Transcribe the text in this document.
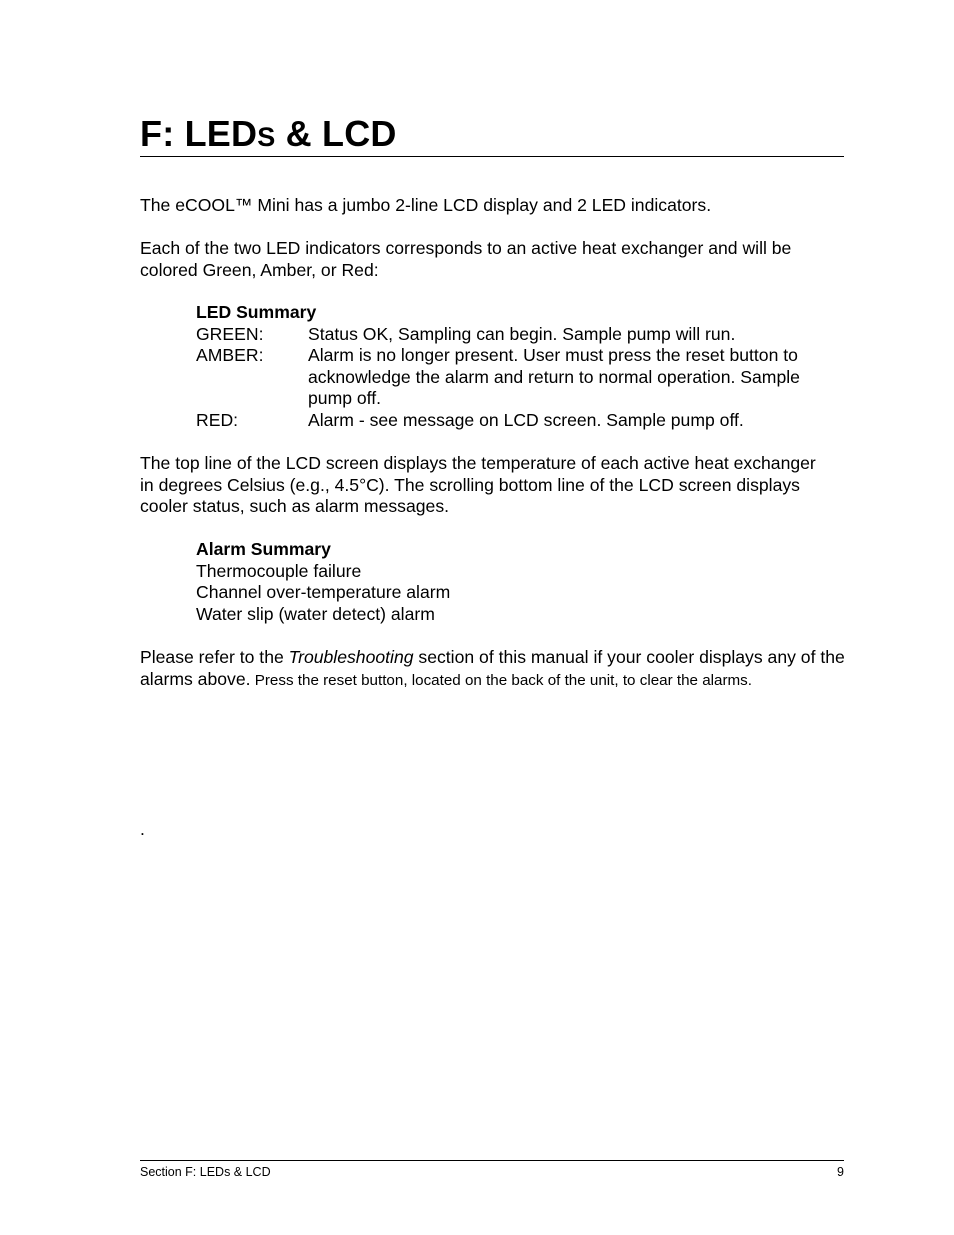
F: LEDS & LCD
The eCOOL™ Mini has a jumbo 2-line LCD display and 2 LED indicators.
Each of the two LED indicators corresponds to an active heat exchanger and will be colored Green, Amber, or Red:
LED Summary
GREEN:	Status OK, Sampling can begin. Sample pump will run.
AMBER:	Alarm is no longer present. User must press the reset button to acknowledge the alarm and return to normal operation. Sample pump off.
RED:	Alarm - see message on LCD screen. Sample pump off.
The top line of the LCD screen displays the temperature of each active heat exchanger in degrees Celsius (e.g., 4.5°C). The scrolling bottom line of the LCD screen displays cooler status, such as alarm messages.
Alarm Summary
Thermocouple failure
Channel over-temperature alarm
Water slip (water detect) alarm
Please refer to the Troubleshooting section of this manual if your cooler displays any of the alarms above. Press the reset button, located on the back of the unit, to clear the alarms.
.
Section F: LEDs & LCD	9
